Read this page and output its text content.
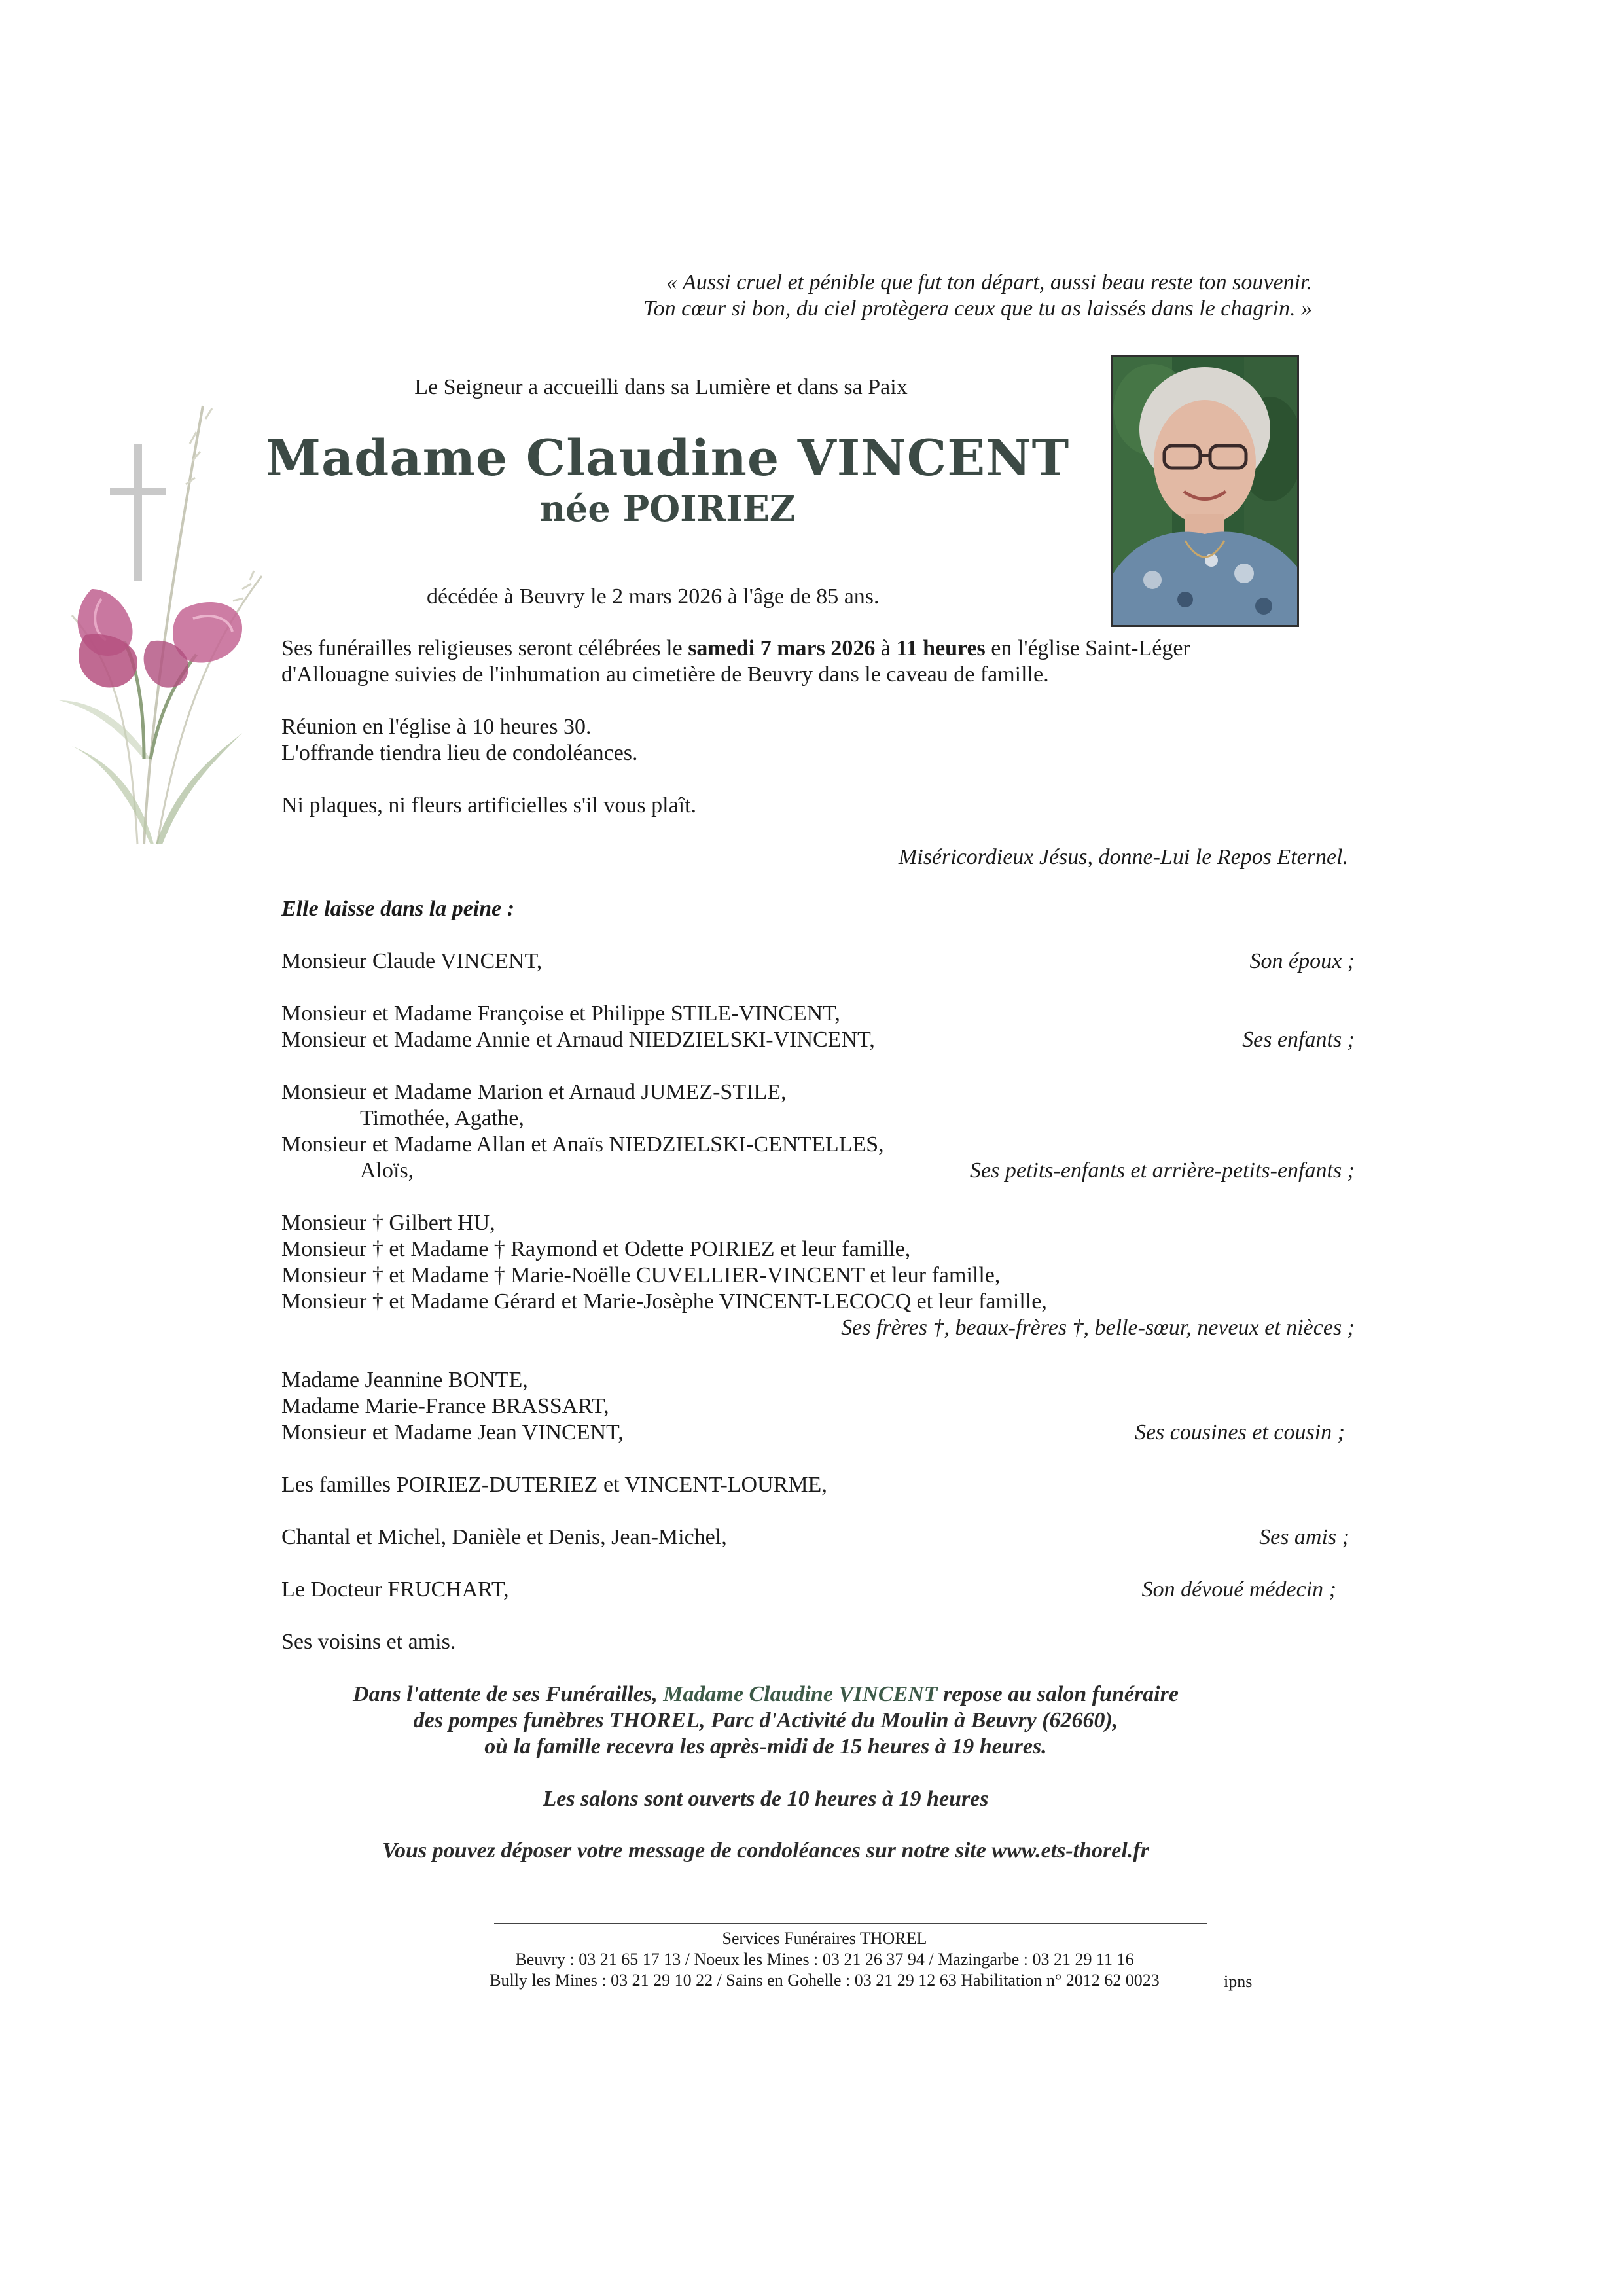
« Aussi cruel et pénible que fut ton départ, aussi beau reste ton souvenir.
Ton cœur si bon, du ciel protègera ceux que tu as laissés dans le chagrin. »
Le Seigneur a accueilli dans sa Lumière et dans sa Paix
Madame Claudine VINCENT
née POIRIEZ
décédée à Beuvry le 2 mars 2026 à l'âge de 85 ans.
Ses funérailles religieuses seront célébrées le samedi 7 mars 2026 à 11 heures en l'église Saint-Léger
d'Allouagne suivies de l'inhumation au cimetière de Beuvry dans le caveau de famille.
Réunion en l'église à 10 heures 30.
L'offrande tiendra lieu de condoléances.
Ni plaques, ni fleurs artificielles s'il vous plaît.
Miséricordieux Jésus, donne-Lui le Repos Eternel.
Elle laisse dans la peine :
Monsieur Claude VINCENT,	Son époux ;
Monsieur et Madame Françoise et Philippe STILE-VINCENT,
Monsieur et Madame Annie et Arnaud NIEDZIELSKI-VINCENT,	Ses enfants ;
Monsieur et Madame Marion et Arnaud JUMEZ-STILE,
Timothée, Agathe,
Monsieur et Madame Allan et Anaïs NIEDZIELSKI-CENTELLES,
Aloïs,	Ses petits-enfants et arrière-petits-enfants ;
Monsieur † Gilbert HU,
Monsieur † et Madame † Raymond et Odette POIRIEZ et leur famille,
Monsieur † et Madame † Marie-Noëlle CUVELLIER-VINCENT et leur famille,
Monsieur † et Madame Gérard et Marie-Josèphe VINCENT-LECOCQ et leur famille,
Ses frères †, beaux-frères †, belle-sœur, neveux et nièces ;
Madame Jeannine BONTE,
Madame Marie-France BRASSART,
Monsieur et Madame Jean VINCENT,	Ses cousines et cousin ;
Les familles POIRIEZ-DUTERIEZ et VINCENT-LOURME,
Chantal et Michel, Danièle et Denis, Jean-Michel,	Ses amis ;
Le Docteur FRUCHART,	Son dévoué médecin ;
Ses voisins et amis.
Dans l'attente de ses Funérailles, Madame Claudine VINCENT repose au salon funéraire
des pompes funèbres THOREL, Parc d'Activité du Moulin à Beuvry (62660),
où la famille recevra les après-midi de 15 heures à 19 heures.
Les salons sont ouverts de 10 heures à 19 heures
Vous pouvez déposer votre message de condoléances sur notre site www.ets-thorel.fr
Services Funéraires THOREL
Beuvry : 03 21 65 17 13 / Noeux les Mines : 03 21 26 37 94 / Mazingarbe : 03 21 29 11 16
Bully les Mines : 03 21 29 10 22 / Sains en Gohelle : 03 21 29 12 63 Habilitation n° 2012 62 0023	ipns
